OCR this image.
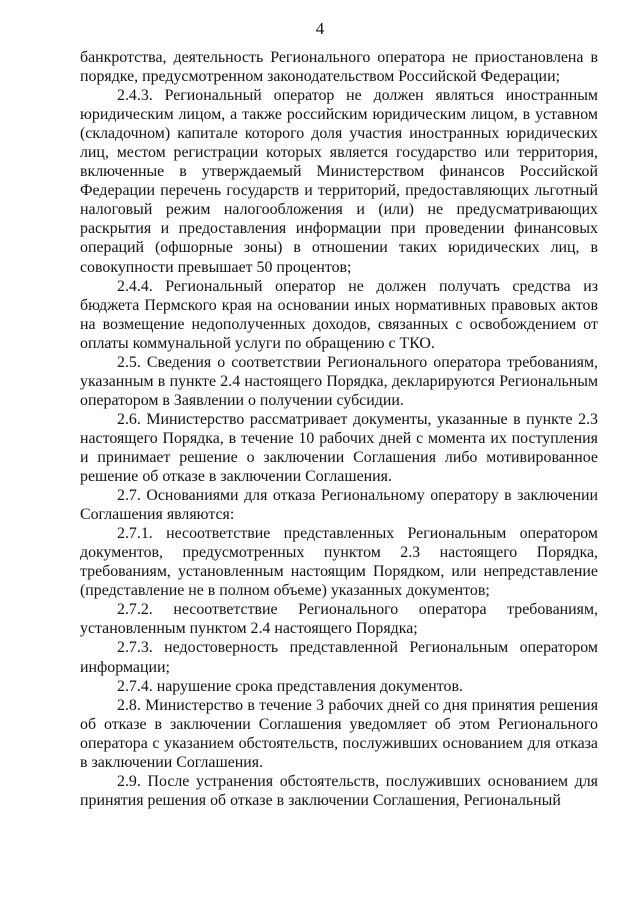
4

банкротства, деятельность Регионального оператора не приостановлена в порядке, предусмотренном законодательством Российской Федерации;

2.4.3. Региональный оператор не должен являться иностранным юридическим лицом, а также российским юридическим лицом, в уставном (складочном) капитале которого доля участия иностранных юридических лиц, местом регистрации которых является государство или территория, включенные в утверждаемый Министерством финансов Российской Федерации перечень государств и территорий, предоставляющих льготный налоговый режим налогообложения и (или) не предусматривающих раскрытия и предоставления информации при проведении финансовых операций (офшорные зоны) в отношении таких юридических лиц, в совокупности превышает 50 процентов;

2.4.4. Региональный оператор не должен получать средства из бюджета Пермского края на основании иных нормативных правовых актов на возмещение недополученных доходов, связанных с освобождением от оплаты коммунальной услуги по обращению с ТКО.

2.5. Сведения о соответствии Регионального оператора требованиям, указанным в пункте 2.4 настоящего Порядка, декларируются Региональным оператором в Заявлении о получении субсидии.

2.6. Министерство рассматривает документы, указанные в пункте 2.3 настоящего Порядка, в течение 10 рабочих дней с момента их поступления и принимает решение о заключении Соглашения либо мотивированное решение об отказе в заключении Соглашения.

2.7. Основаниями для отказа Региональному оператору в заключении Соглашения являются:

2.7.1. несоответствие представленных Региональным оператором документов, предусмотренных пунктом 2.3 настоящего Порядка, требованиям, установленным настоящим Порядком, или непредставление (представление не в полном объеме) указанных документов;

2.7.2. несоответствие Регионального оператора требованиям, установленным пунктом 2.4 настоящего Порядка;

2.7.3. недостоверность представленной Региональным оператором информации;

2.7.4. нарушение срока представления документов.

2.8. Министерство в течение 3 рабочих дней со дня принятия решения об отказе в заключении Соглашения уведомляет об этом Регионального оператора с указанием обстоятельств, послуживших основанием для отказа в заключении Соглашения.

2.9. После устранения обстоятельств, послуживших основанием для принятия решения об отказе в заключении Соглашения, Региональный
